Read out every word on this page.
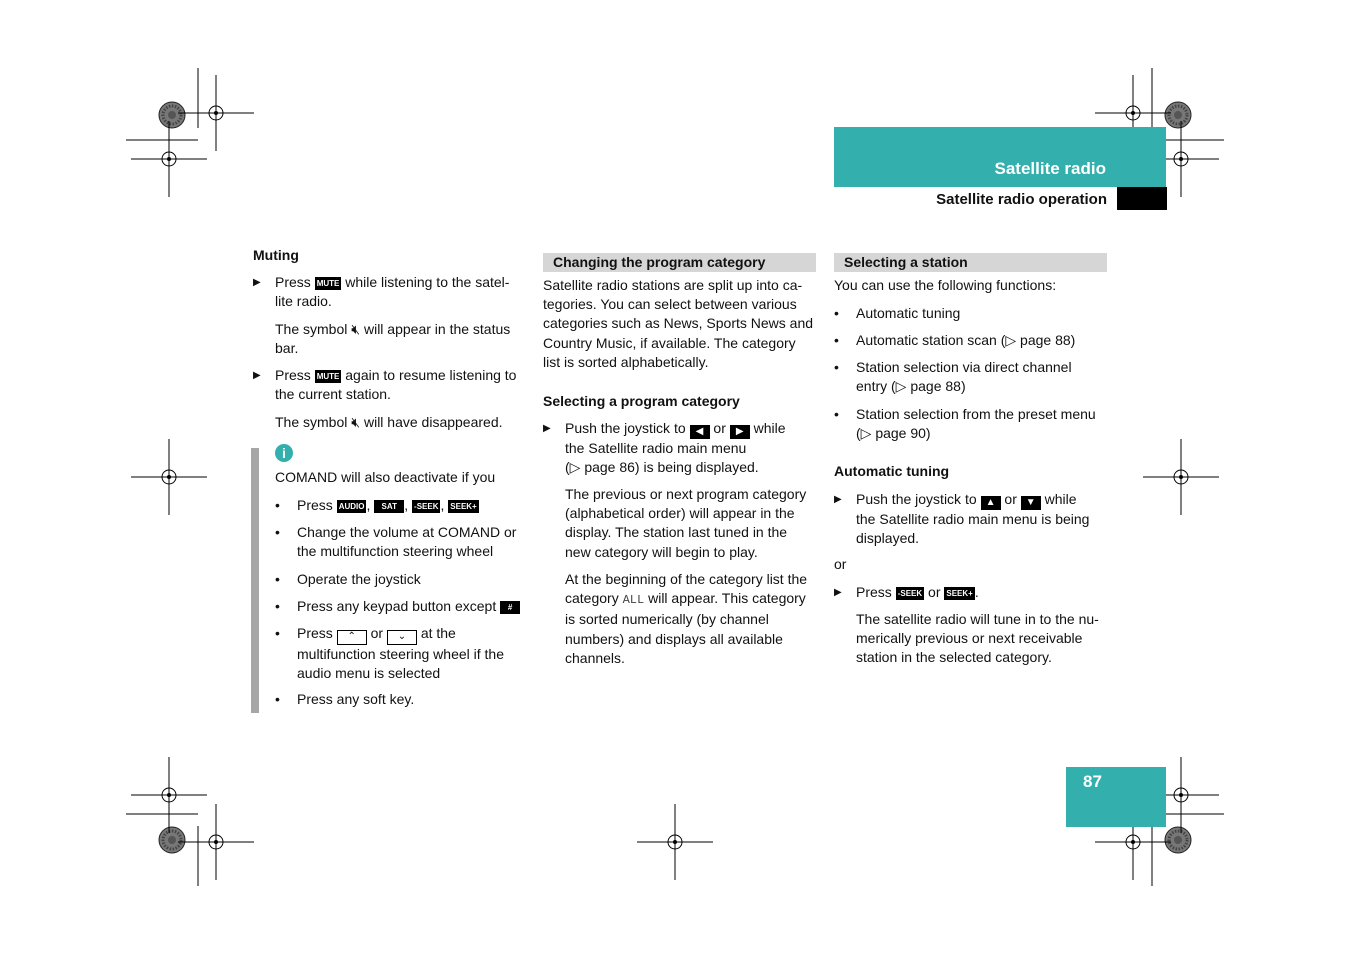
Satellite radio
Satellite radio operation
Muting
▶ Press MUTE while listening to the satel-
lite radio.
The symbol 🔇︎ will appear in the status
bar.
▶ Press MUTE again to resume listening to
the current station.
The symbol 🔇︎ will have disappeared.
i
COMAND will also deactivate if you
• Press AUDIO , SAT , -SEEK , SEEK+
• Change the volume at COMAND or
the multifunction steering wheel
• Operate the joystick
• Press any keypad button except #
• Press ⌃ or ⌄ at the
multifunction steering wheel if the
audio menu is selected
• Press any soft key.
Changing the program category
Satellite radio stations are split up into ca-
tegories. You can select between various
categories such as News, Sports News and
Country Music, if available. The category
list is sorted alphabetically.
Selecting a program category
▶ Push the joystick to ◀ or ▶ while
the Satellite radio main menu
(▷ page 86) is being displayed.
The previous or next program category
(alphabetical order) will appear in the
display. The station last tuned in the
new category will begin to play.
At the beginning of the category list the
category ALL will appear. This category
is sorted numerically (by channel
numbers) and displays all available
channels.
Selecting a station
You can use the following functions:
• Automatic tuning
• Automatic station scan (▷ page 88)
• Station selection via direct channel
entry (▷ page 88)
• Station selection from the preset menu
(▷ page 90)
Automatic tuning
▶ Push the joystick to ▲ or ▼ while
the Satellite radio main menu is being
displayed.
or
▶ Press -SEEK or SEEK+ .
The satellite radio will tune in to the nu-
merically previous or next receivable
station in the selected category.
87
